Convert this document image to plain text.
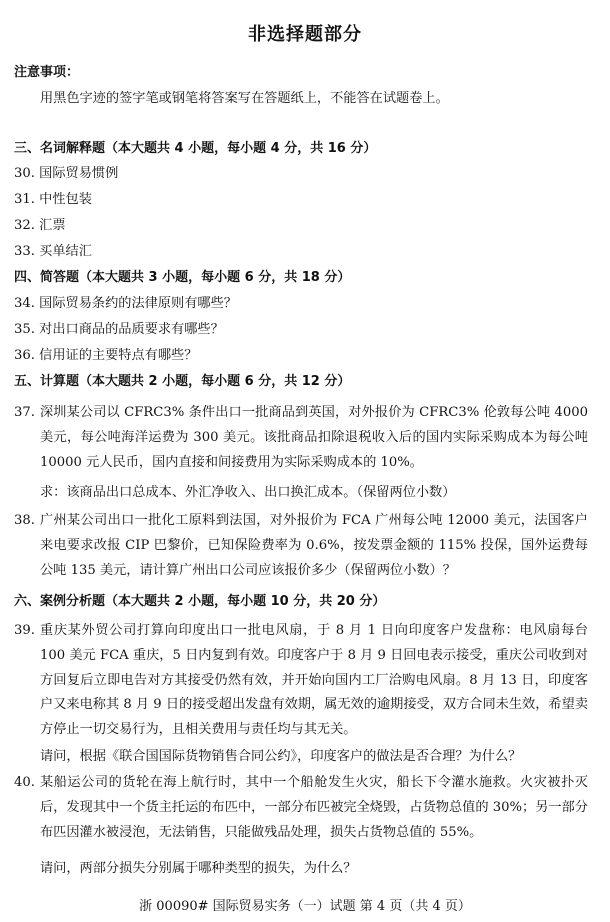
非选择题部分
注意事项：
用黑色字迹的签字笔或钢笔将答案写在答题纸上，不能答在试题卷上。
三、名词解释题（本大题共 4 小题，每小题 4 分，共 16 分）
30. 国际贸易惯例
31. 中性包装
32. 汇票
33. 买单结汇
四、简答题（本大题共 3 小题，每小题 6 分，共 18 分）
34. 国际贸易条约的法律原则有哪些？
35. 对出口商品的品质要求有哪些？
36. 信用证的主要特点有哪些？
五、计算题（本大题共 2 小题，每小题 6 分，共 12 分）
37. 深圳某公司以 CFRC3% 条件出口一批商品到英国，对外报价为 CFRC3% 伦敦每公吨 4000 美元，每公吨海洋运费为 300 美元。该批商品扣除退税收入后的国内实际采购成本为每公吨 10000 元人民币，国内直接和间接费用为实际采购成本的 10%。
求：该商品出口总成本、外汇净收入、出口换汇成本。（保留两位小数）
38. 广州某公司出口一批化工原料到法国，对外报价为 FCA 广州每公吨 12000 美元，法国客户来电要求改报 CIP 巴黎价，已知保险费率为 0.6%，按发票金额的 115% 投保，国外运费每公吨 135 美元，请计算广州出口公司应该报价多少（保留两位小数）？
六、案例分析题（本大题共 2 小题，每小题 10 分，共 20 分）
39. 重庆某外贸公司打算向印度出口一批电风扇，于 8 月 1 日向印度客户发盘称：电风扇每台 100 美元 FCA 重庆，5 日内复到有效。印度客户于 8 月 9 日回电表示接受，重庆公司收到对方回复后立即电告对方其接受仍然有效，并开始向国内工厂洽购电风扇。8 月 13 日，印度客户又来电称其 8 月 9 日的接受超出发盘有效期，属无效的逾期接受，双方合同未生效，希望卖方停止一切交易行为，且相关费用与责任均与其无关。
请问，根据《联合国国际货物销售合同公约》，印度客户的做法是否合理？为什么？
40. 某船运公司的货轮在海上航行时，其中一个船舱发生火灾，船长下令灌水施救。火灾被扑灭后，发现其中一个货主托运的布匹中，一部分布匹被完全烧毁，占货物总值的 30%；另一部分布匹因灌水被浸泡，无法销售，只能做残品处理，损失占货物总值的 55%。
请问，两部分损失分别属于哪种类型的损失，为什么？
浙 00090# 国际贸易实务（一）试题 第 4 页（共 4 页）
